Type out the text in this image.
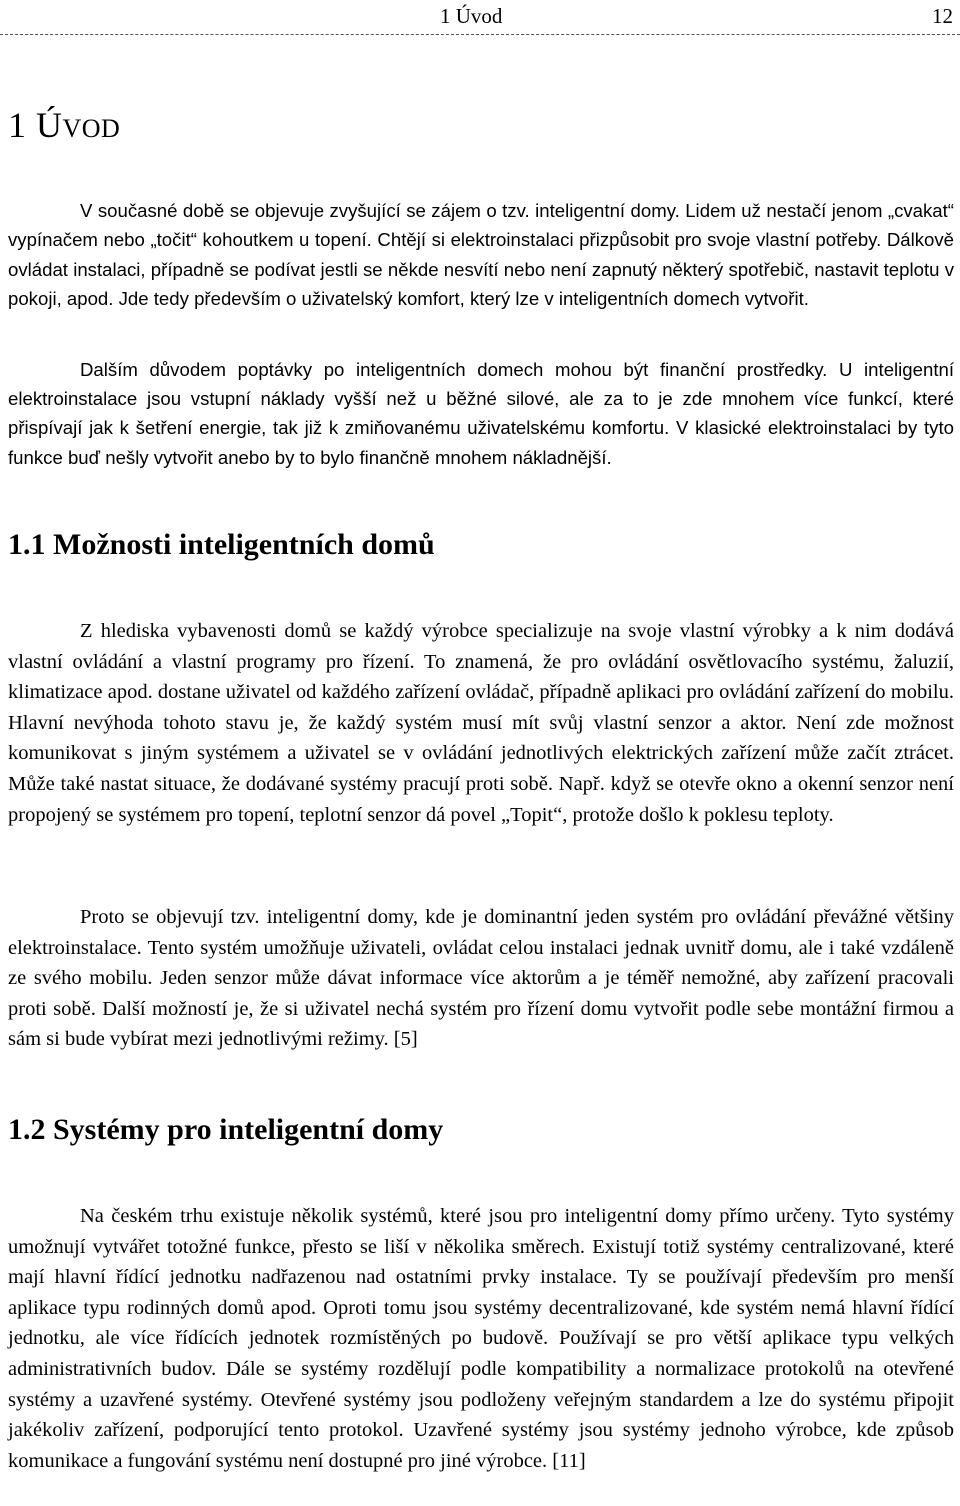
1 Úvod	12
1 ÚVOD

V současné době se objevuje zvyšující se zájem o tzv. inteligentní domy. Lidem už nestačí jenom „cvakat“ vypínačem nebo „točit“ kohoutkem u topení. Chtějí si elektroinstalaci přizpůsobit pro svoje vlastní potřeby. Dálkově ovládat instalaci, případně se podívat jestli se někde nesvítí nebo není zapnutý některý spotřebič, nastavit teplotu v pokoji, apod. Jde tedy především o uživatelský komfort, který lze v inteligentních domech vytvořit.

Dalším důvodem poptávky po inteligentních domech mohou být finanční prostředky. U inteligentní elektroinstalace jsou vstupní náklady vyšší než u běžné silové, ale za to je zde mnohem více funkcí, které přispívají jak k šetření energie, tak již k zmiňovanému uživatelskému komfortu. V klasické elektroinstalaci by tyto funkce buď nešly vytvořit anebo by to bylo finančně mnohem nákladnější.

1.1 Možnosti inteligentních domů

Z hlediska vybavenosti domů se každý výrobce specializuje na svoje vlastní výrobky a k nim dodává vlastní ovládání a vlastní programy pro řízení. To znamená, že pro ovládání osvětlovacího systému, žaluzií, klimatizace apod. dostane uživatel od každého zařízení ovládač, případně aplikaci pro ovládání zařízení do mobilu. Hlavní nevýhoda tohoto stavu je, že každý systém musí mít svůj vlastní senzor a aktor. Není zde možnost komunikovat s jiným systémem a uživatel se v ovládání jednotlivých elektrických zařízení může začít ztrácet. Může také nastat situace, že dodávané systémy pracují proti sobě. Např. když se otevře okno a okenní senzor není propojený se systémem pro topení, teplotní senzor dá povel „Topit“, protože došlo k poklesu teploty.

Proto se objevují tzv. inteligentní domy, kde je dominantní jeden systém pro ovládání převážné většiny elektroinstalace. Tento systém umožňuje uživateli, ovládat celou instalaci jednak uvnitř domu, ale i také vzdáleně ze svého mobilu. Jeden senzor může dávat informace více aktorům a je téměř nemožné, aby zařízení pracovali proti sobě. Další možností je, že si uživatel nechá systém pro řízení domu vytvořit podle sebe montážní firmou a sám si bude vybírat mezi jednotlivými režimy. [5]

1.2 Systémy pro inteligentní domy

Na českém trhu existuje několik systémů, které jsou pro inteligentní domy přímo určeny. Tyto systémy umožnují vytvářet totožné funkce, přesto se liší v několika směrech. Existují totiž systémy centralizované, které mají hlavní řídící jednotku nadřazenou nad ostatními prvky instalace. Ty se používají především pro menší aplikace typu rodinných domů apod. Oproti tomu jsou systémy decentralizované, kde systém nemá hlavní řídící jednotku, ale více řídících jednotek rozmístěných po budově. Používají se pro větší aplikace typu velkých administrativních budov. Dále se systémy rozdělují podle kompatibility a normalizace protokolů na otevřené systémy a uzavřené systémy. Otevřené systémy jsou podloženy veřejným standardem a lze do systému připojit jakékoliv zařízení, podporující tento protokol. Uzavřené systémy jsou systémy jednoho výrobce, kde způsob komunikace a fungování systému není dostupné pro jiné výrobce. [11]
